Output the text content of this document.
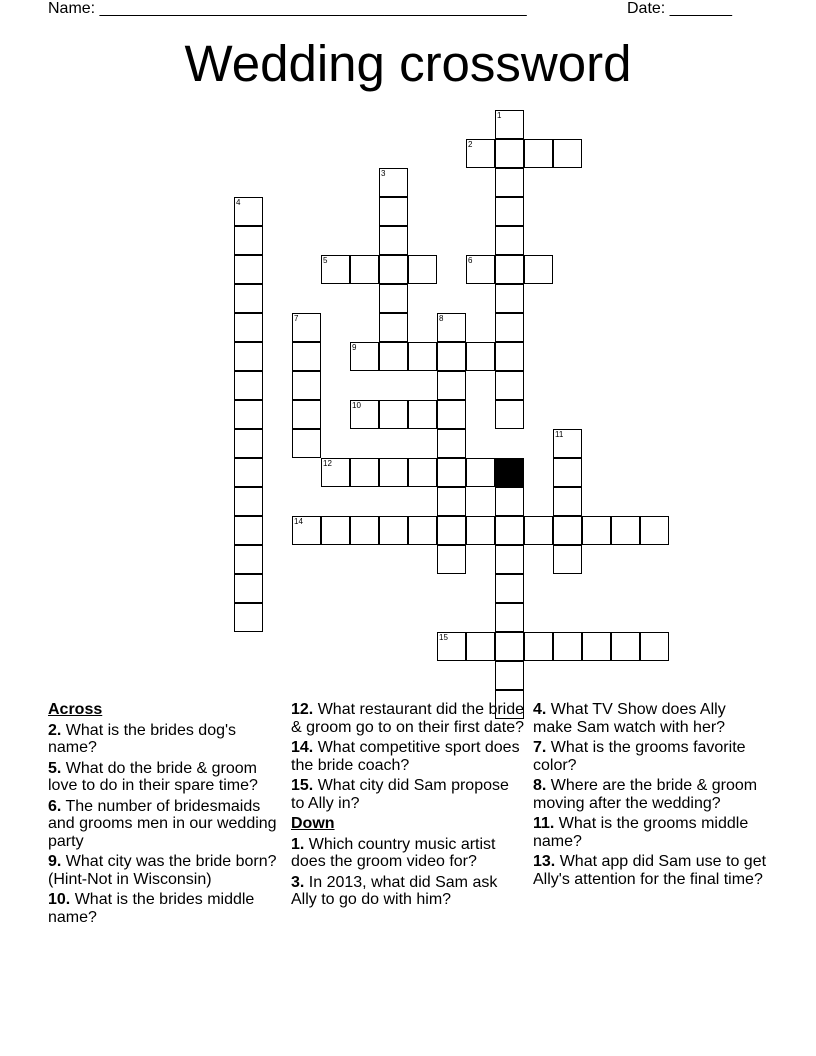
Name: ________________________________________________	Date: _______
Wedding crossword
1
2
3
4
5	6
7	8
9
10
11
12	13
14
15
Across
2. What is the brides dog's name?
5. What do the bride & groom love to do in their spare time?
6. The number of bridesmaids and grooms men in our wedding party
9. What city was the bride born? (Hint-Not in Wisconsin)
10. What is the brides middle name?
12. What restaurant did the bride & groom go to on their first date?
14. What competitive sport does the bride coach?
15. What city did Sam propose to Ally in?
Down
1. Which country music artist does the groom video for?
3. In 2013, what did Sam ask Ally to go do with him?
4. What TV Show does Ally make Sam watch with her?
7. What is the grooms favorite color?
8. Where are the bride & groom moving after the wedding?
11. What is the grooms middle name?
13. What app did Sam use to get Ally's attention for the final time?
